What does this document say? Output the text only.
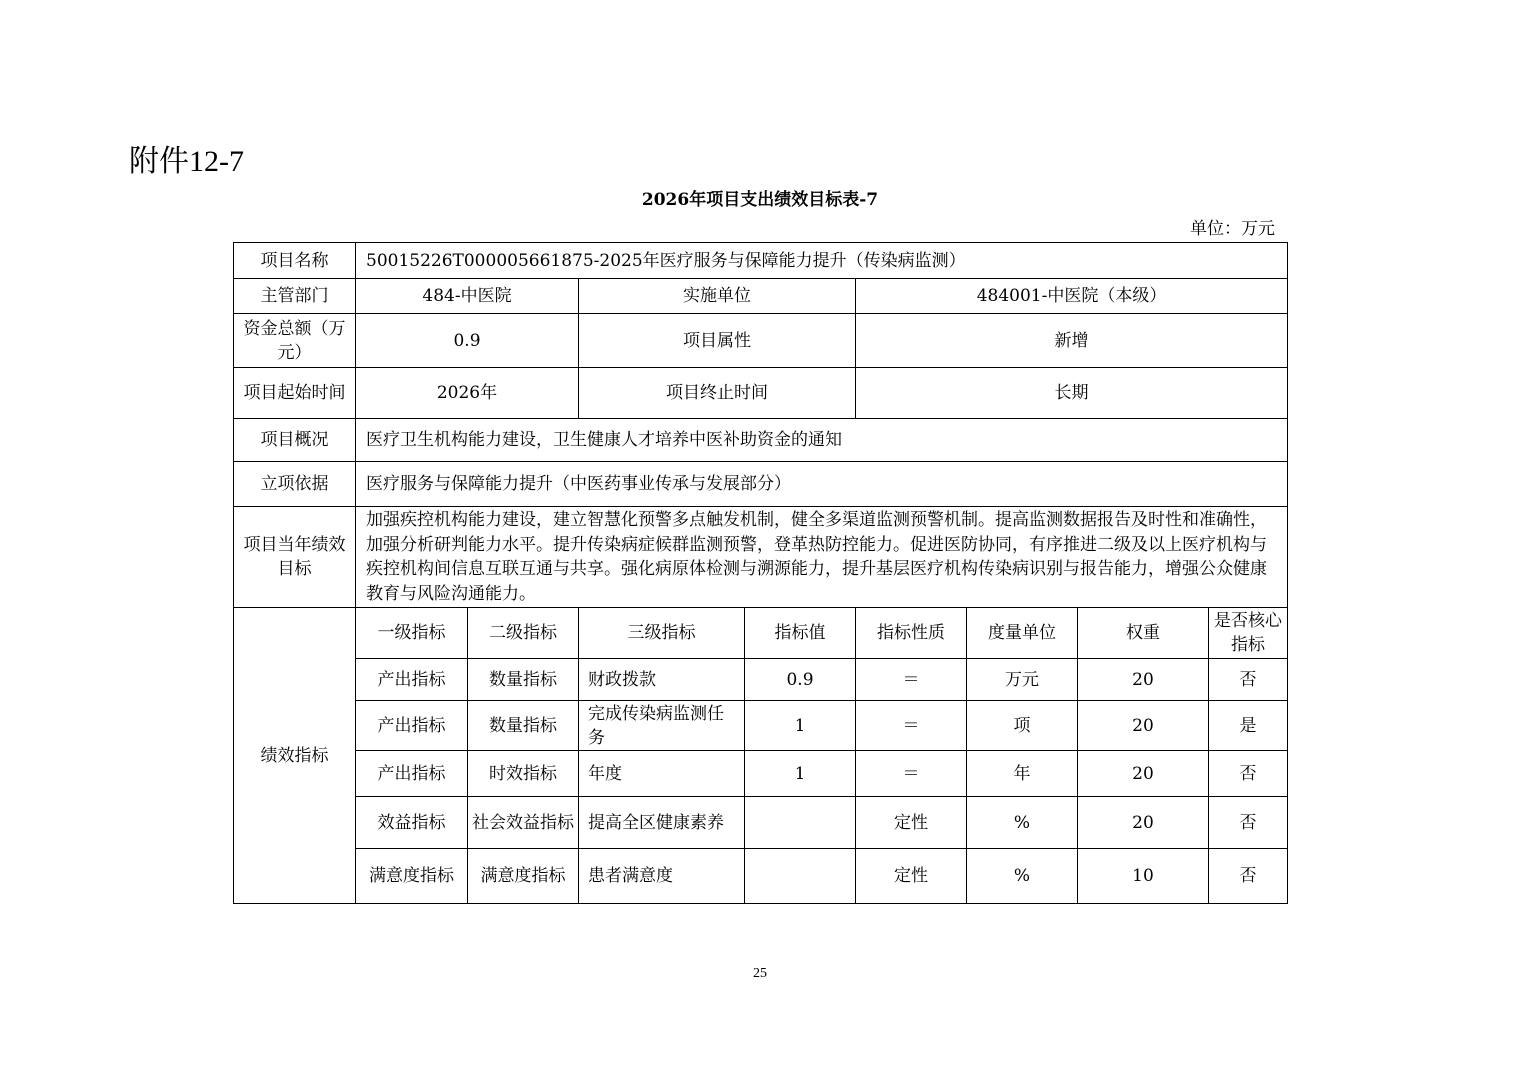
附件12-7
2026年项目支出绩效目标表-7
单位：万元
项目名称	50015226T000005661875-2025年医疗服务与保障能力提升（传染病监测）							
主管部门	484-中医院		实施单位		484001-中医院（本级）			
资金总额（万元）	0.9		项目属性		新增			
项目起始时间	2026年		项目终止时间		长期			
项目概况	医疗卫生机构能力建设，卫生健康人才培养中医补助资金的通知							
立项依据	医疗服务与保障能力提升（中医药事业传承与发展部分）							
项目当年绩效目标	加强疾控机构能力建设，建立智慧化预警多点触发机制，健全多渠道监测预警机制。提高监测数据报告及时性和准确性，加强分析研判能力水平。提升传染病症候群监测预警，登革热防控能力。促进医防协同，有序推进二级及以上医疗机构与疾控机构间信息互联互通与共享。强化病原体检测与溯源能力，提升基层医疗机构传染病识别与报告能力，增强公众健康教育与风险沟通能力。							
绩效指标	一级指标	二级指标	三级指标	指标值	指标性质	度量单位	权重	是否核心指标
	产出指标	数量指标	财政拨款	0.9	＝	万元	20	否
	产出指标	数量指标	完成传染病监测任务	1	＝	项	20	是
	产出指标	时效指标	年度	1	＝	年	20	否
	效益指标	社会效益指标	提高全区健康素养		定性	%	20	否
	满意度指标	满意度指标	患者满意度		定性	%	10	否
25
